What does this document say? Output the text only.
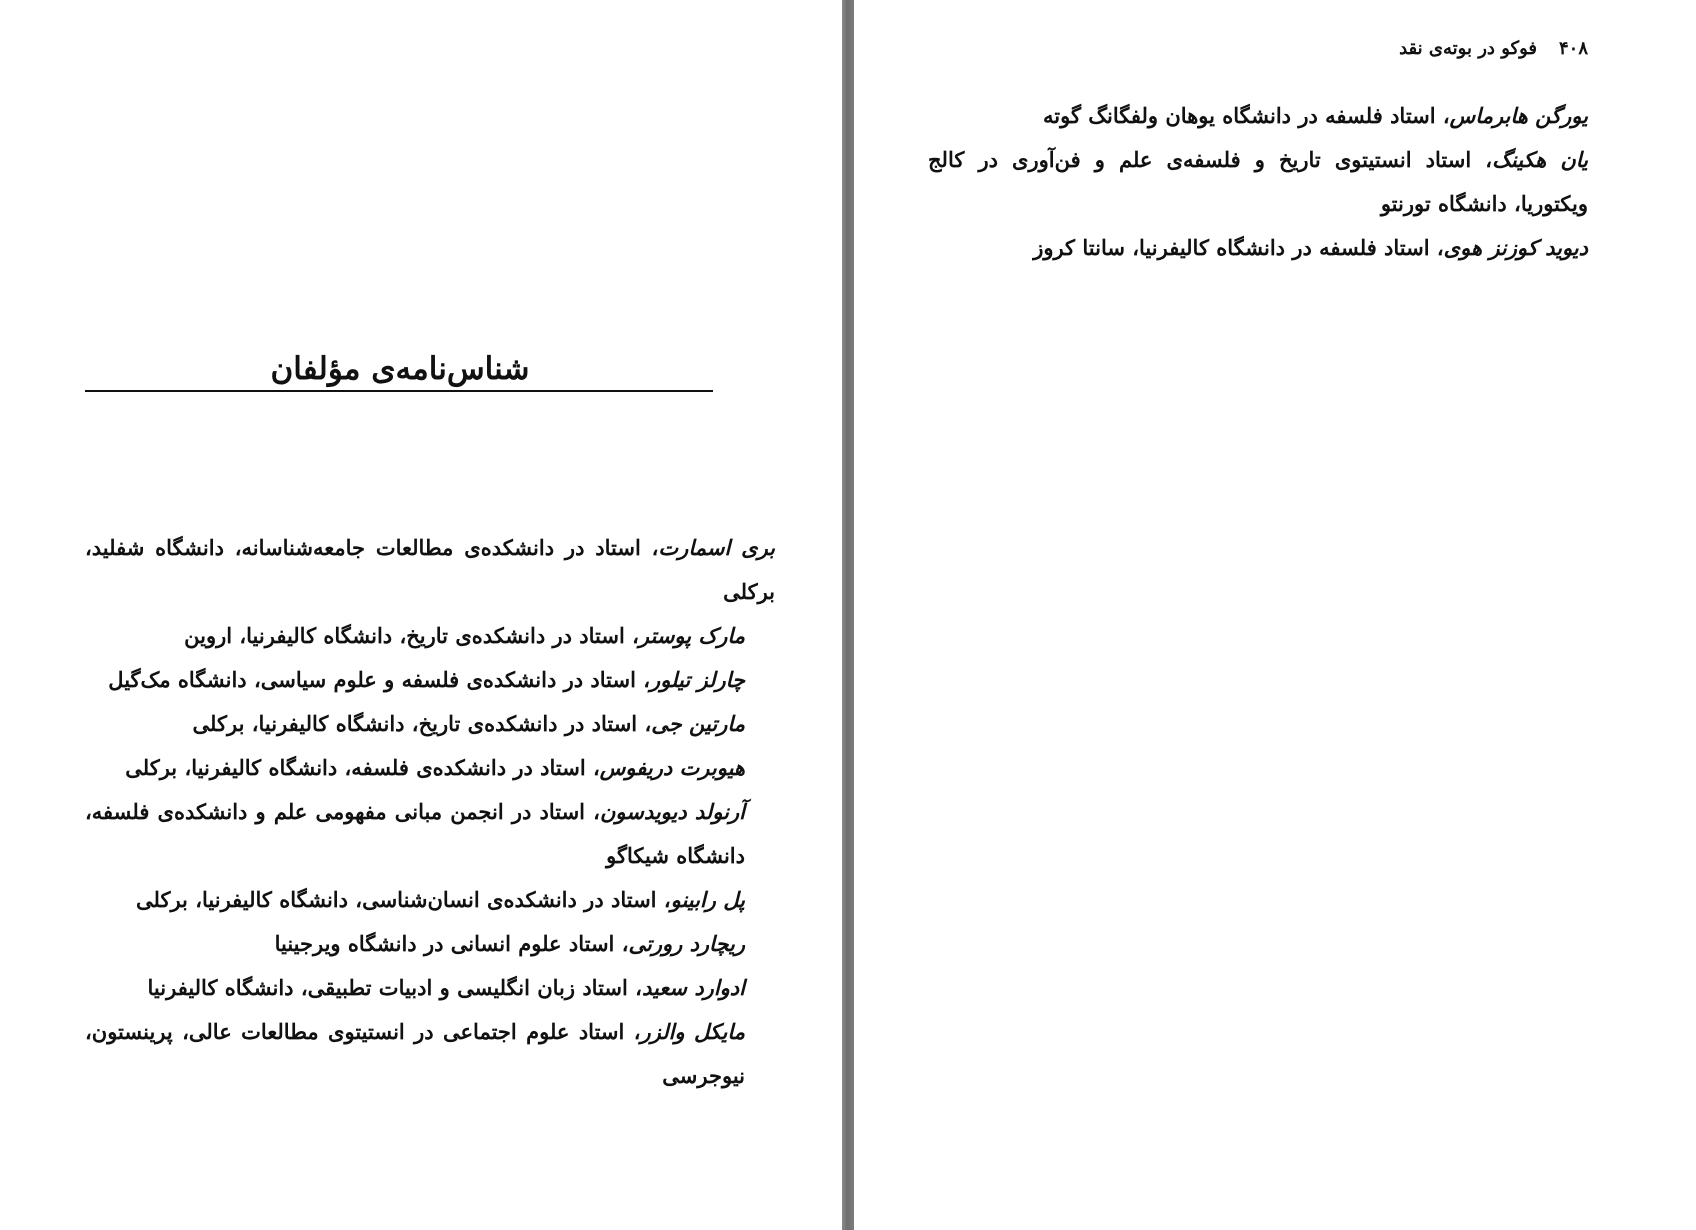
شناس‌نامه‌ی مؤلفان

بری اسمارت، استاد در دانشکده‌ی مطالعات جامعه‌شناسانه، دانشگاه شفلید، برکلی

مارک پوستر، استاد در دانشکده‌ی تاریخ، دانشگاه کالیفرنیا، اروین

چارلز تیلور، استاد در دانشکده‌ی فلسفه و علوم سیاسی، دانشگاه مک‌گیل

مارتین جی، استاد در دانشکده‌ی تاریخ، دانشگاه کالیفرنیا، برکلی

هیوبرت دریفوس، استاد در دانشکده‌ی فلسفه، دانشگاه کالیفرنیا، برکلی

آرنولد دیویدسون، استاد در انجمن مبانی مفهومی علم و دانشکده‌ی فلسفه، دانشگاه شیکاگو

پل رابینو، استاد در دانشکده‌ی انسان‌شناسی، دانشگاه کالیفرنیا، برکلی

ریچارد رورتی، استاد علوم انسانی در دانشگاه ویرجینیا

ادوارد سعید، استاد زبان انگلیسی و ادبیات تطبیقی، دانشگاه کالیفرنیا

مایکل والزر، استاد علوم اجتماعی در انستیتوی مطالعات عالی، پرینستون، نیوجرسی

۴۰۸فوکو در بوته‌ی نقد

یورگن هابرماس، استاد فلسفه در دانشگاه یوهان ولفگانگ گوته

یان هکینگ، استاد انستیتوی تاریخ و فلسفه‌ی علم و فن‌آوری در کالج ویکتوریا، دانشگاه تورنتو

دیوید کوزنز هوی، استاد فلسفه در دانشگاه کالیفرنیا، سانتا کروز
